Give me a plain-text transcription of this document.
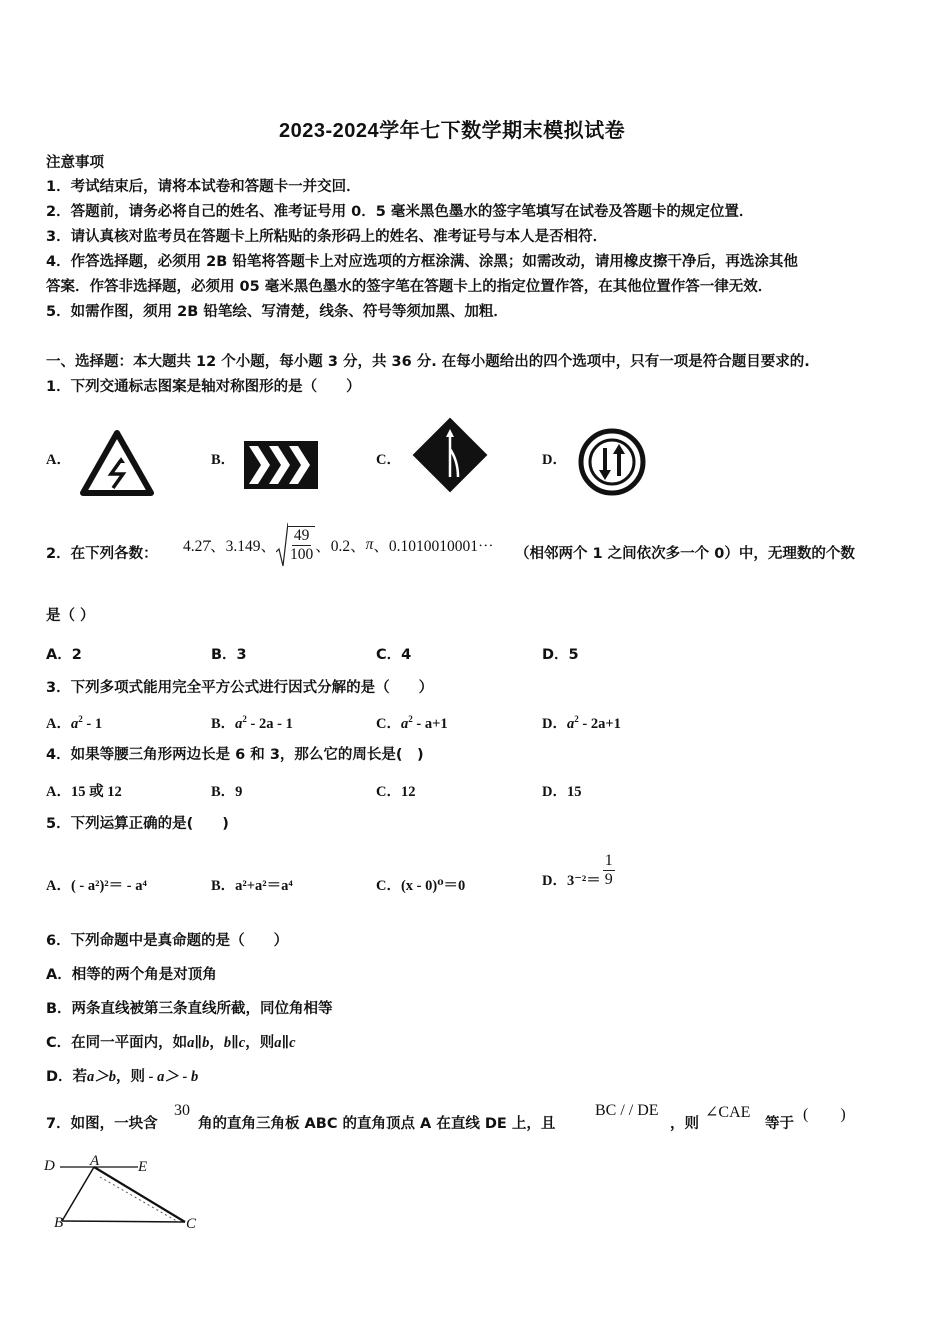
2023-2024学年七下数学期末模拟试卷
注意事项
1．考试结束后，请将本试卷和答题卡一并交回．
2．答题前，请务必将自己的姓名、准考证号用 0．5 毫米黑色墨水的签字笔填写在试卷及答题卡的规定位置．
3．请认真核对监考员在答题卡上所粘贴的条形码上的姓名、准考证号与本人是否相符．
4．作答选择题，必须用 2B 铅笔将答题卡上对应选项的方框涂满、涂黑；如需改动，请用橡皮擦干净后，再选涂其他
答案．作答非选择题，必须用 05 毫米黑色墨水的签字笔在答题卡上的指定位置作答，在其他位置作答一律无效．
5．如需作图，须用 2B 铅笔绘、写清楚，线条、符号等须加黑、加粗．
一、选择题：本大题共 12 个小题，每小题 3 分，共 36 分. 在每小题给出的四个选项中，只有一项是符合题目要求的.
1．下列交通标志图案是轴对称图形的是（　　）
A．	B．	C．	D．
2．在下列各数： 4.27̇、3.149、 $\frac{49}{100}$ 、0.2、 π 、0.1010010001⋯ （相邻两个 1 之间依次多一个 0）中，无理数的个数
是（ ）
A．2	B．3	C．4	D．5
3．下列多项式能用完全平方公式进行因式分解的是（　　）
A．$a^2 - 1$	B．$a^2 - 2a - 1$	C．$a^2 - a+1$	D．$a^2 - 2a+1$
4．如果等腰三角形两边长是 6 和 3，那么它的周长是(　)
A．15 或 12	B．9	C．12	D．15
5．下列运算正确的是(　　)
A．( - a²)²＝ - a⁴	B．a²+a²＝a⁴	C．(x - 0)⁰＝0	D．$3^{-2}= \frac{1}{9}$
6．下列命题中是真命题的是（　　）
A．相等的两个角是对顶角
B．两条直线被第三条直线所截，同位角相等
C．在同一平面内，如a∥b，b∥c，则a∥c
D．若a＞b，则 - a＞ - b
7．如图，一块含
30
角的直角三角板 ABC 的直角顶点 A 在直线 DE 上，且
BC / / DE
，则
∠CAE
等于
(　　)
D A	E
B	C
